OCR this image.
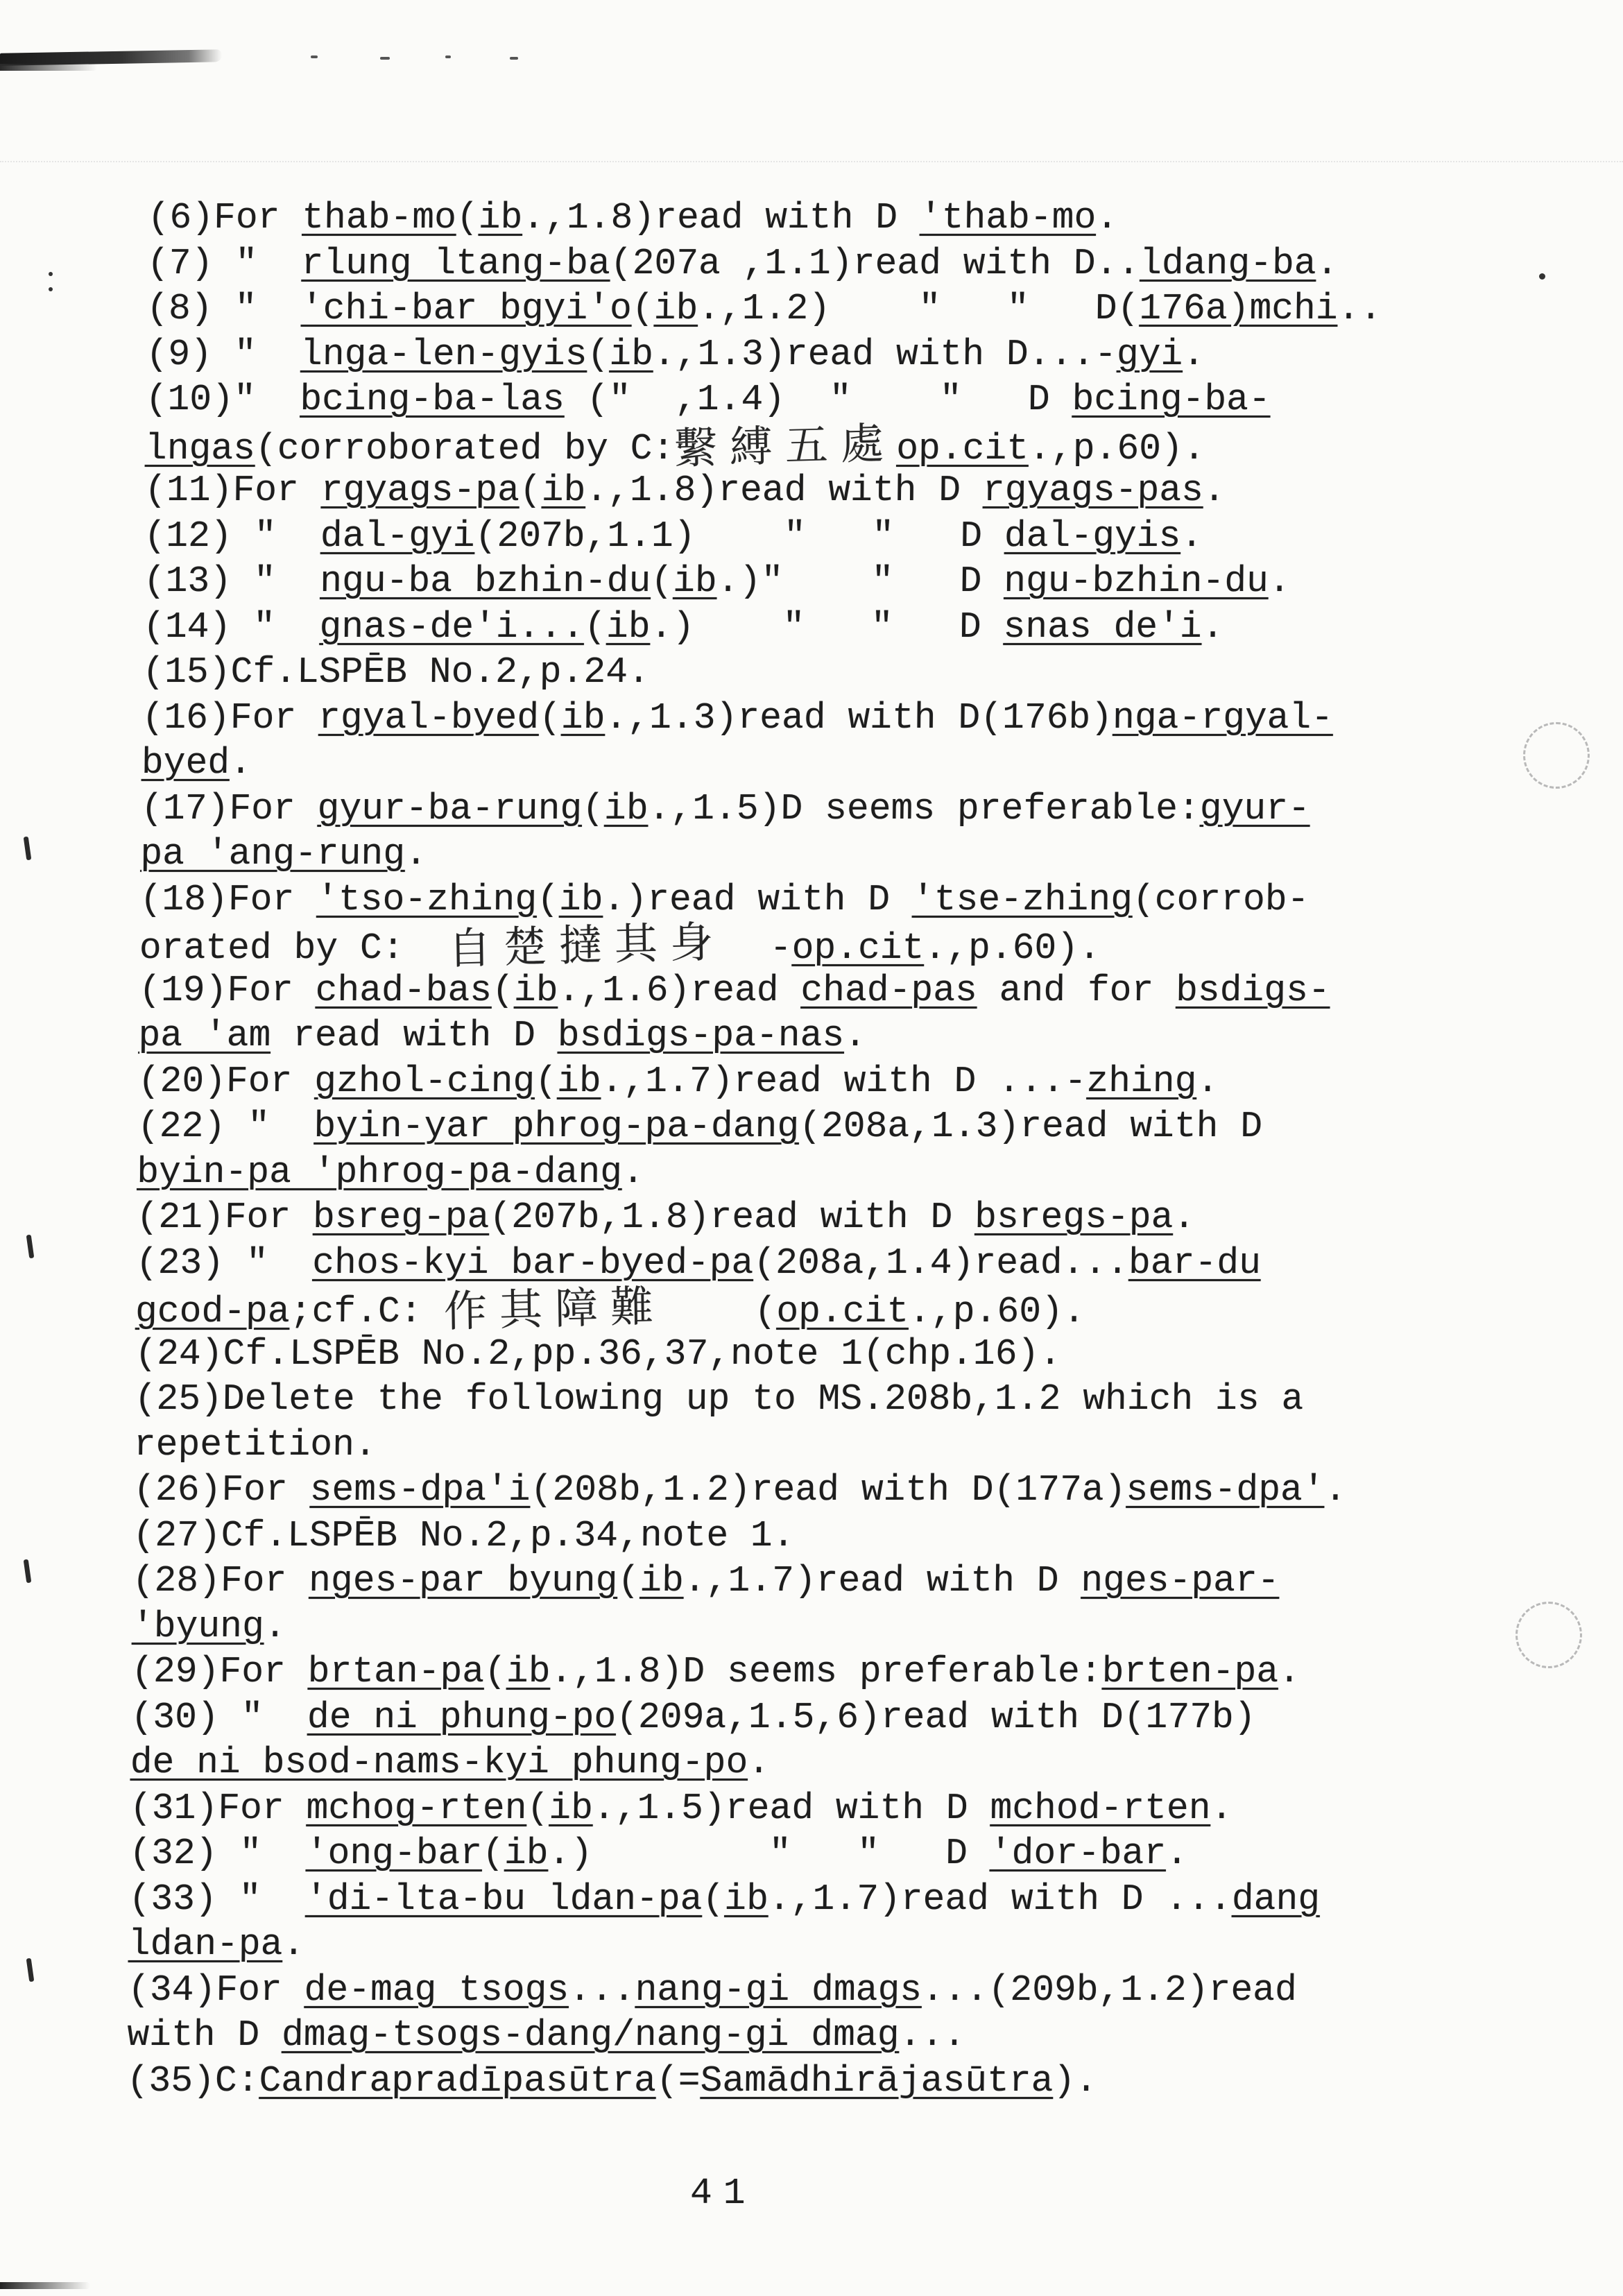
(6)For thab-mo(ib.,1.8)read with D 'thab-mo.
(7) "  rlung ltang-ba(207a ,1.1)read with D..ldang-ba.
(8) "  'chi-bar bgyi'o(ib.,1.2)    "   "   D(176a)mchi..
(9) "  lnga-len-gyis(ib.,1.3)read with D...-gyi.
(10)"  bcing-ba-las ("  ,1.4)  "    "   D bcing-ba-
lngas(corroborated by C:繫縛五處op.cit.,p.60).
(11)For rgyags-pa(ib.,1.8)read with D rgyags-pas.
(12) "  dal-gyi(207b,1.1)    "   "   D dal-gyis.
(13) "  ngu-ba bzhin-du(ib.)"    "   D ngu-bzhin-du.
(14) "  gnas-de'i...(ib.)    "   "   D snas de'i.
(15)Cf.LSPĒB No.2,p.24.
(16)For rgyal-byed(ib.,1.3)read with D(176b)nga-rgyal-
byed.
(17)For gyur-ba-rung(ib.,1.5)D seems preferable:gyur-
pa 'ang-rung.
(18)For 'tso-zhing(ib.)read with D 'tse-zhing(corrob-
orated by C:  自楚撻其身  -op.cit.,p.60).
(19)For chad-bas(ib.,1.6)read chad-pas and for bsdigs-
pa 'am read with D bsdigs-pa-nas.
(20)For gzhol-cing(ib.,1.7)read with D ...-zhing.
(22) "  byin-yar phrog-pa-dang(208a,1.3)read with D
byin-pa 'phrog-pa-dang.
(21)For bsreg-pa(207b,1.8)read with D bsregs-pa.
(23) "  chos-kyi bar-byed-pa(208a,1.4)read...bar-du
gcod-pa;cf.C: 作其障難    (op.cit.,p.60).
(24)Cf.LSPĒB No.2,pp.36,37,note 1(chp.16).
(25)Delete the following up to MS.208b,1.2 which is a
repetition.
(26)For sems-dpa'i(208b,1.2)read with D(177a)sems-dpa'.
(27)Cf.LSPĒB No.2,p.34,note 1.
(28)For nges-par byung(ib.,1.7)read with D nges-par-
'byung.
(29)For brtan-pa(ib.,1.8)D seems preferable:brten-pa.
(30) "  de ni phung-po(209a,1.5,6)read with D(177b)
de ni bsod-nams-kyi phung-po.
(31)For mchog-rten(ib.,1.5)read with D mchod-rten.
(32) "  'ong-bar(ib.)        "   "   D 'dor-bar.
(33) "  'di-lta-bu ldan-pa(ib.,1.7)read with D ...dang
ldan-pa.
(34)For de-mag tsogs...nang-gi dmags...(209b,1.2)read
with D dmag-tsogs-dang/nang-gi dmag...
(35)C:Candrapradīpasūtra(=Samādhirājasūtra).
41
